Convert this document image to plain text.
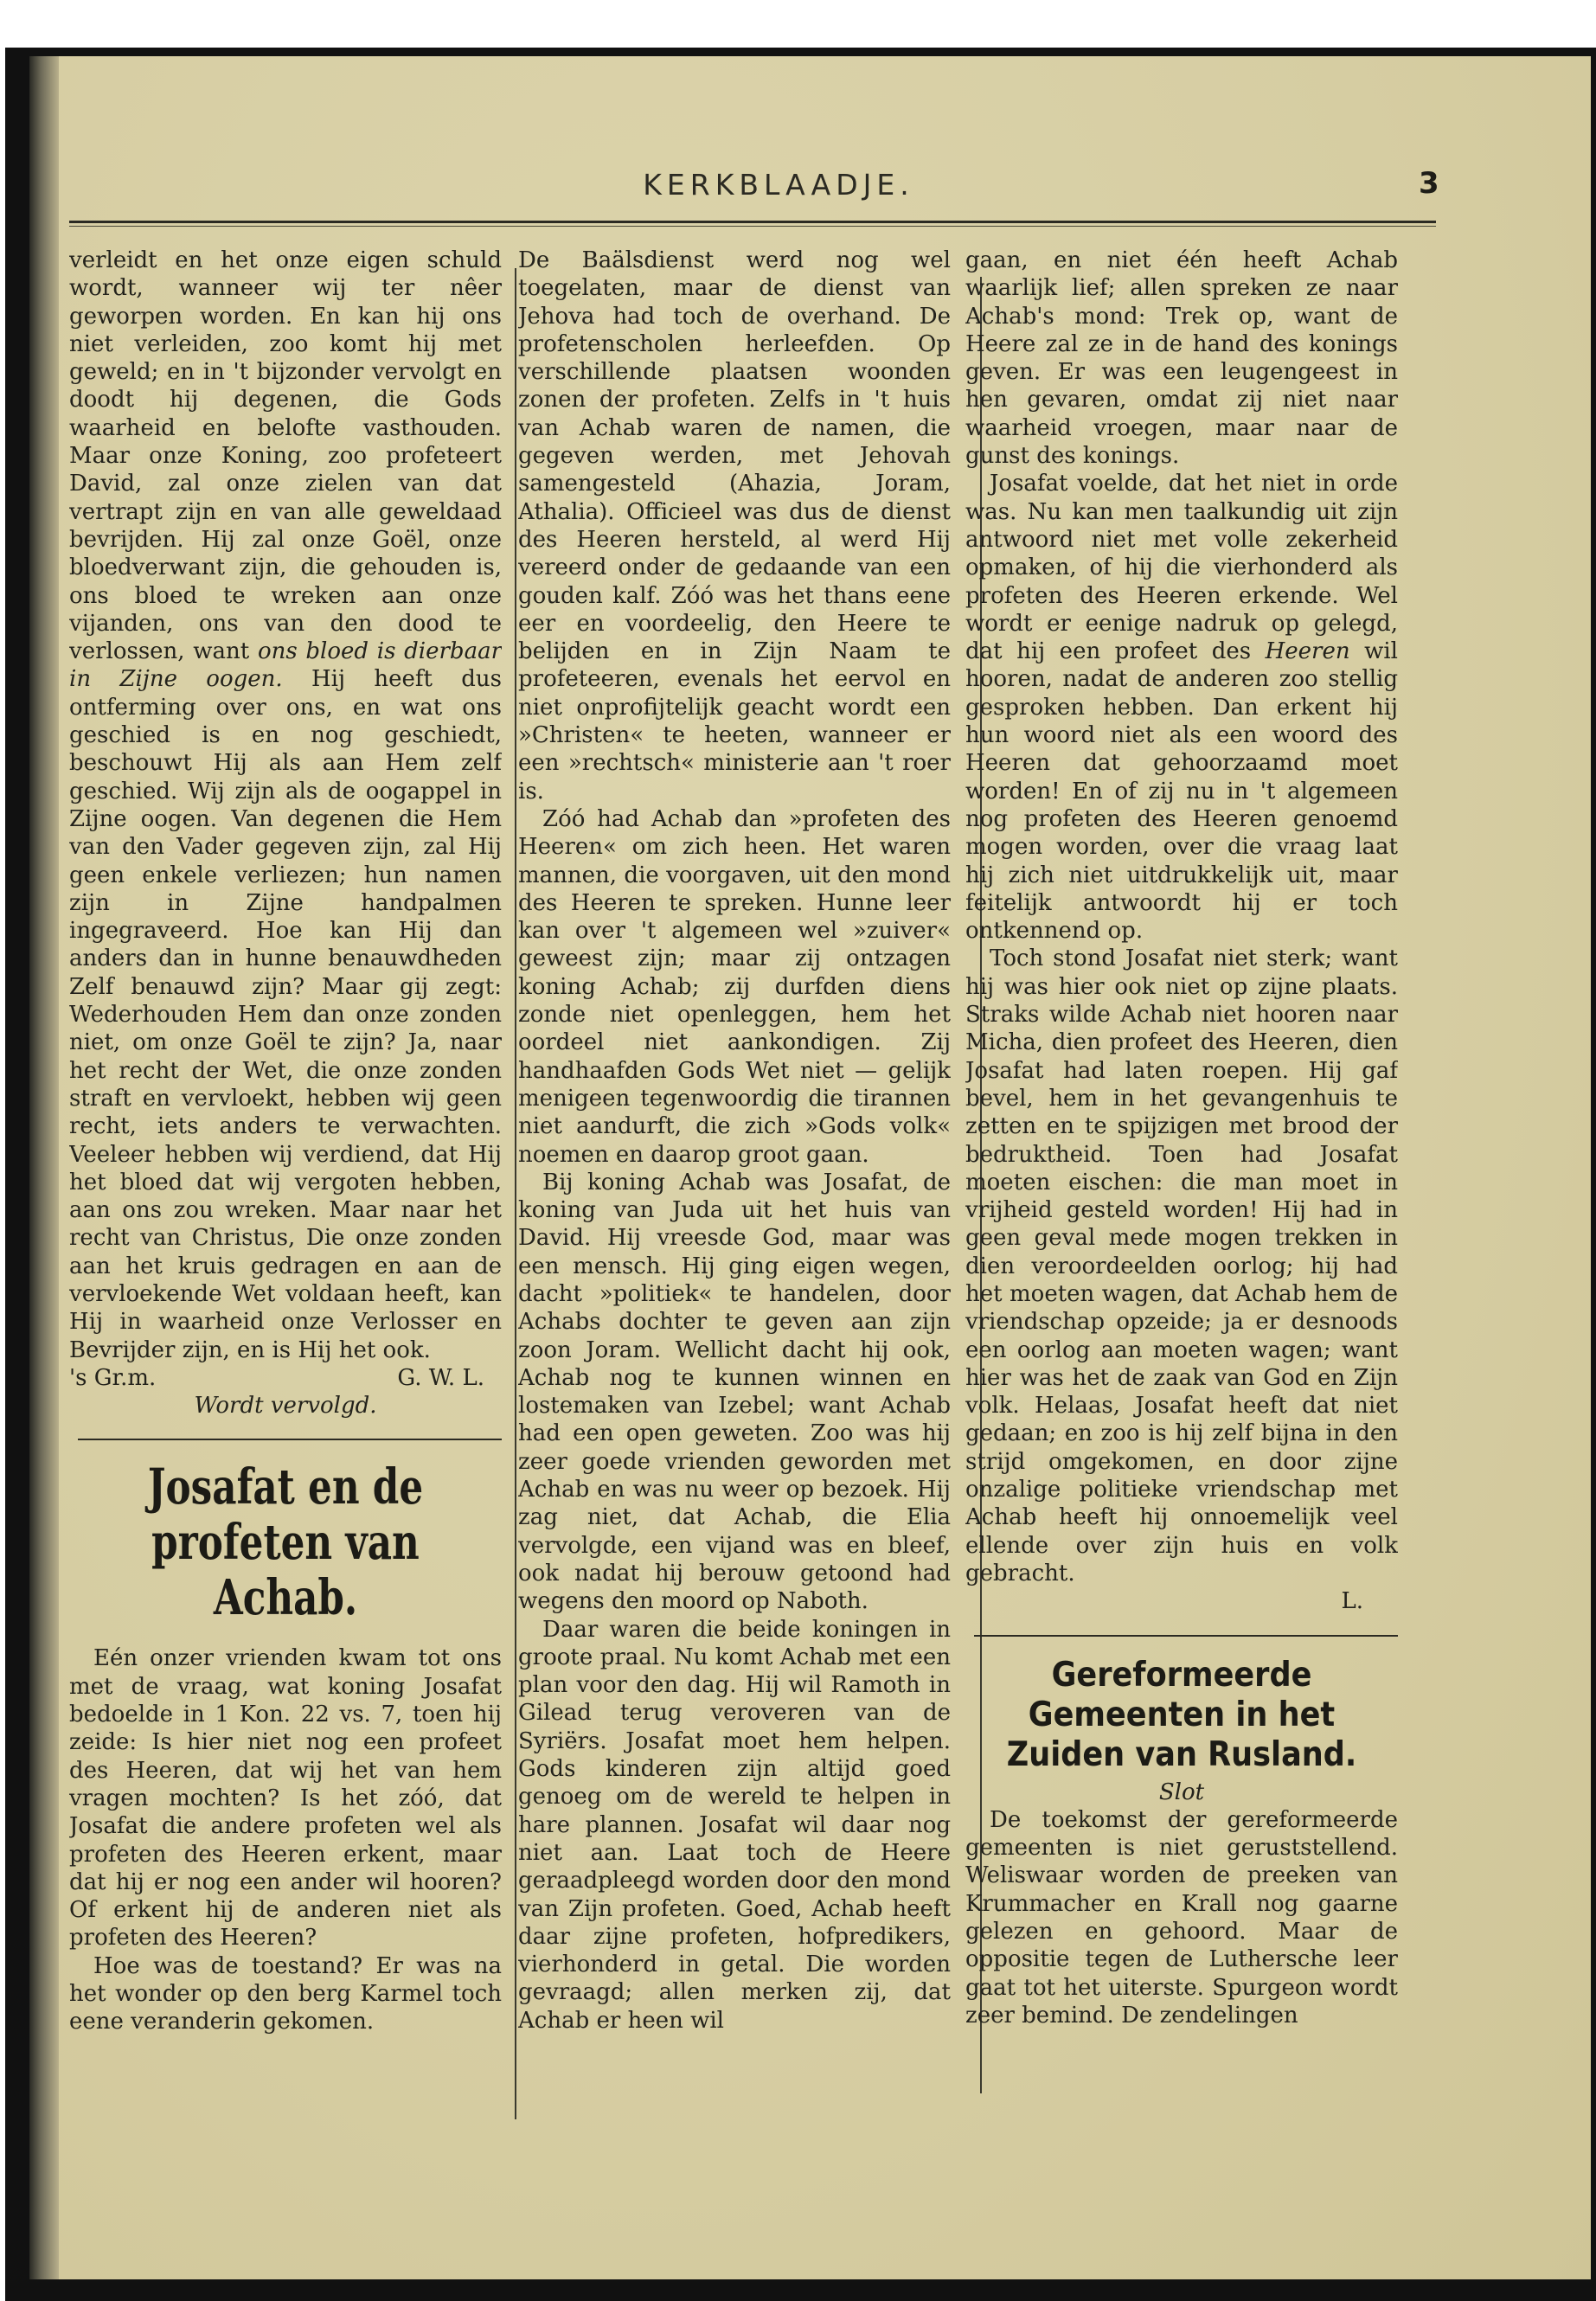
KERKBLAADJE.	3

verleidt en het onze eigen schuld wordt, wanneer wij ter nêer geworpen worden. En kan hij ons niet verleiden, zoo komt hij met geweld; en in 't bijzonder vervolgt en doodt hij degenen, die Gods waarheid en belofte vasthouden. Maar onze Koning, zoo profeteert David, zal onze zielen van dat vertrapt zijn en van alle geweldaad bevrijden. Hij zal onze Goël, onze bloedverwant zijn, die gehouden is, ons bloed te wreken aan onze vijanden, ons van den dood te verlossen, want ons bloed is dierbaar in Zijne oogen. Hij heeft dus ontferming over ons, en wat ons geschied is en nog geschiedt, beschouwt Hij als aan Hem zelf geschied. Wij zijn als de oogappel in Zijne oogen. Van degenen die Hem van den Vader gegeven zijn, zal Hij geen enkele verliezen; hun namen zijn in Zijne handpalmen ingegraveerd. Hoe kan Hij dan anders dan in hunne benauwdheden Zelf benauwd zijn? Maar gij zegt: Wederhouden Hem dan onze zonden niet, om onze Goël te zijn? Ja, naar het recht der Wet, die onze zonden straft en vervloekt, hebben wij geen recht, iets anders te verwachten. Veeleer hebben wij verdiend, dat Hij het bloed dat wij vergoten hebben, aan ons zou wreken. Maar naar het recht van Christus, Die onze zonden aan het kruis gedragen en aan de vervloekende Wet voldaan heeft, kan Hij in waarheid onze Verlosser en Bevrijder zijn, en is Hij het ook.

's Gr.m.	G. W. L.
Wordt vervolgd.
Josafat en de profeten van Achab.

Eén onzer vrienden kwam tot ons met de vraag, wat koning Josafat bedoelde in 1 Kon. 22 vs. 7, toen hij zeide: Is hier niet nog een profeet des Heeren, dat wij het van hem vragen mochten? Is het zóó, dat Josafat die andere profeten wel als profeten des Heeren erkent, maar dat hij er nog een ander wil hooren? Of erkent hij de anderen niet als profeten des Heeren?

Hoe was de toestand? Er was na het wonder op den berg Karmel toch eene veranderin gekomen.

De Baälsdienst werd nog wel toegelaten, maar de dienst van Jehova had toch de overhand. De profetenscholen herleefden. Op verschillende plaatsen woonden zonen der profeten. Zelfs in 't huis van Achab waren de namen, die gegeven werden, met Jehovah samengesteld (Ahazia, Joram, Athalia). Officieel was dus de dienst des Heeren hersteld, al werd Hij vereerd onder de gedaande van een gouden kalf. Zóó was het thans eene eer en voordeelig, den Heere te belijden en in Zijn Naam te profeteeren, evenals het eervol en niet onprofijtelijk geacht wordt een »Christen« te heeten, wanneer er een »rechtsch« ministerie aan 't roer is.

Zóó had Achab dan »profeten des Heeren« om zich heen. Het waren mannen, die voorgaven, uit den mond des Heeren te spreken. Hunne leer kan over 't algemeen wel »zuiver« geweest zijn; maar zij ontzagen koning Achab; zij durfden diens zonde niet openleggen, hem het oordeel niet aankondigen. Zij handhaafden Gods Wet niet — gelijk menigeen tegenwoordig die tirannen niet aandurft, die zich »Gods volk« noemen en daarop groot gaan.

Bij koning Achab was Josafat, de koning van Juda uit het huis van David. Hij vreesde God, maar was een mensch. Hij ging eigen wegen, dacht »politiek« te handelen, door Achabs dochter te geven aan zijn zoon Joram. Wellicht dacht hij ook, Achab nog te kunnen winnen en lostemaken van Izebel; want Achab had een open geweten. Zoo was hij zeer goede vrienden geworden met Achab en was nu weer op bezoek. Hij zag niet, dat Achab, die Elia vervolgde, een vijand was en bleef, ook nadat hij berouw getoond had wegens den moord op Naboth.

Daar waren die beide koningen in groote praal. Nu komt Achab met een plan voor den dag. Hij wil Ramoth in Gilead terug veroveren van de Syriërs. Josafat moet hem helpen. Gods kinderen zijn altijd goed genoeg om de wereld te helpen in hare plannen. Josafat wil daar nog niet aan. Laat toch de Heere geraadpleegd worden door den mond van Zijn profeten. Goed, Achab heeft daar zijne profeten, hofpredikers, vierhonderd in getal. Die worden gevraagd; allen merken zij, dat Achab er heen wil

gaan, en niet één heeft Achab waarlijk lief; allen spreken ze naar Achab's mond: Trek op, want de Heere zal ze in de hand des konings geven. Er was een leugengeest in hen gevaren, omdat zij niet naar waarheid vroegen, maar naar de gunst des konings.

Josafat voelde, dat het niet in orde was. Nu kan men taalkundig uit zijn antwoord niet met volle zekerheid opmaken, of hij die vierhonderd als profeten des Heeren erkende. Wel wordt er eenige nadruk op gelegd, dat hij een profeet des Heeren wil hooren, nadat de anderen zoo stellig gesproken hebben. Dan erkent hij hun woord niet als een woord des Heeren dat gehoorzaamd moet worden! En of zij nu in 't algemeen nog profeten des Heeren genoemd mogen worden, over die vraag laat hij zich niet uitdrukkelijk uit, maar feitelijk antwoordt hij er toch ontkennend op.

Toch stond Josafat niet sterk; want hij was hier ook niet op zijne plaats. Straks wilde Achab niet hooren naar Micha, dien profeet des Heeren, dien Josafat had laten roepen. Hij gaf bevel, hem in het gevangenhuis te zetten en te spijzigen met brood der bedruktheid. Toen had Josafat moeten eischen: die man moet in vrijheid gesteld worden! Hij had in geen geval mede mogen trekken in dien veroordeelden oorlog; hij had het moeten wagen, dat Achab hem de vriendschap opzeide; ja er desnoods een oorlog aan moeten wagen; want hier was het de zaak van God en Zijn volk. Helaas, Josafat heeft dat niet gedaan; en zoo is hij zelf bijna in den strijd omgekomen, en door zijne onzalige politieke vriendschap met Achab heeft hij onnoemelijk veel ellende over zijn huis en volk gebracht.

L.
Gereformeerde Gemeenten in het Zuiden van Rusland.
Slot

De toekomst der gereformeerde gemeenten is niet geruststellend. Weliswaar worden de preeken van Krummacher en Krall nog gaarne gelezen en gehoord. Maar de oppositie tegen de Luthersche leer gaat tot het uiterste. Spurgeon wordt zeer bemind. De zendelingen
